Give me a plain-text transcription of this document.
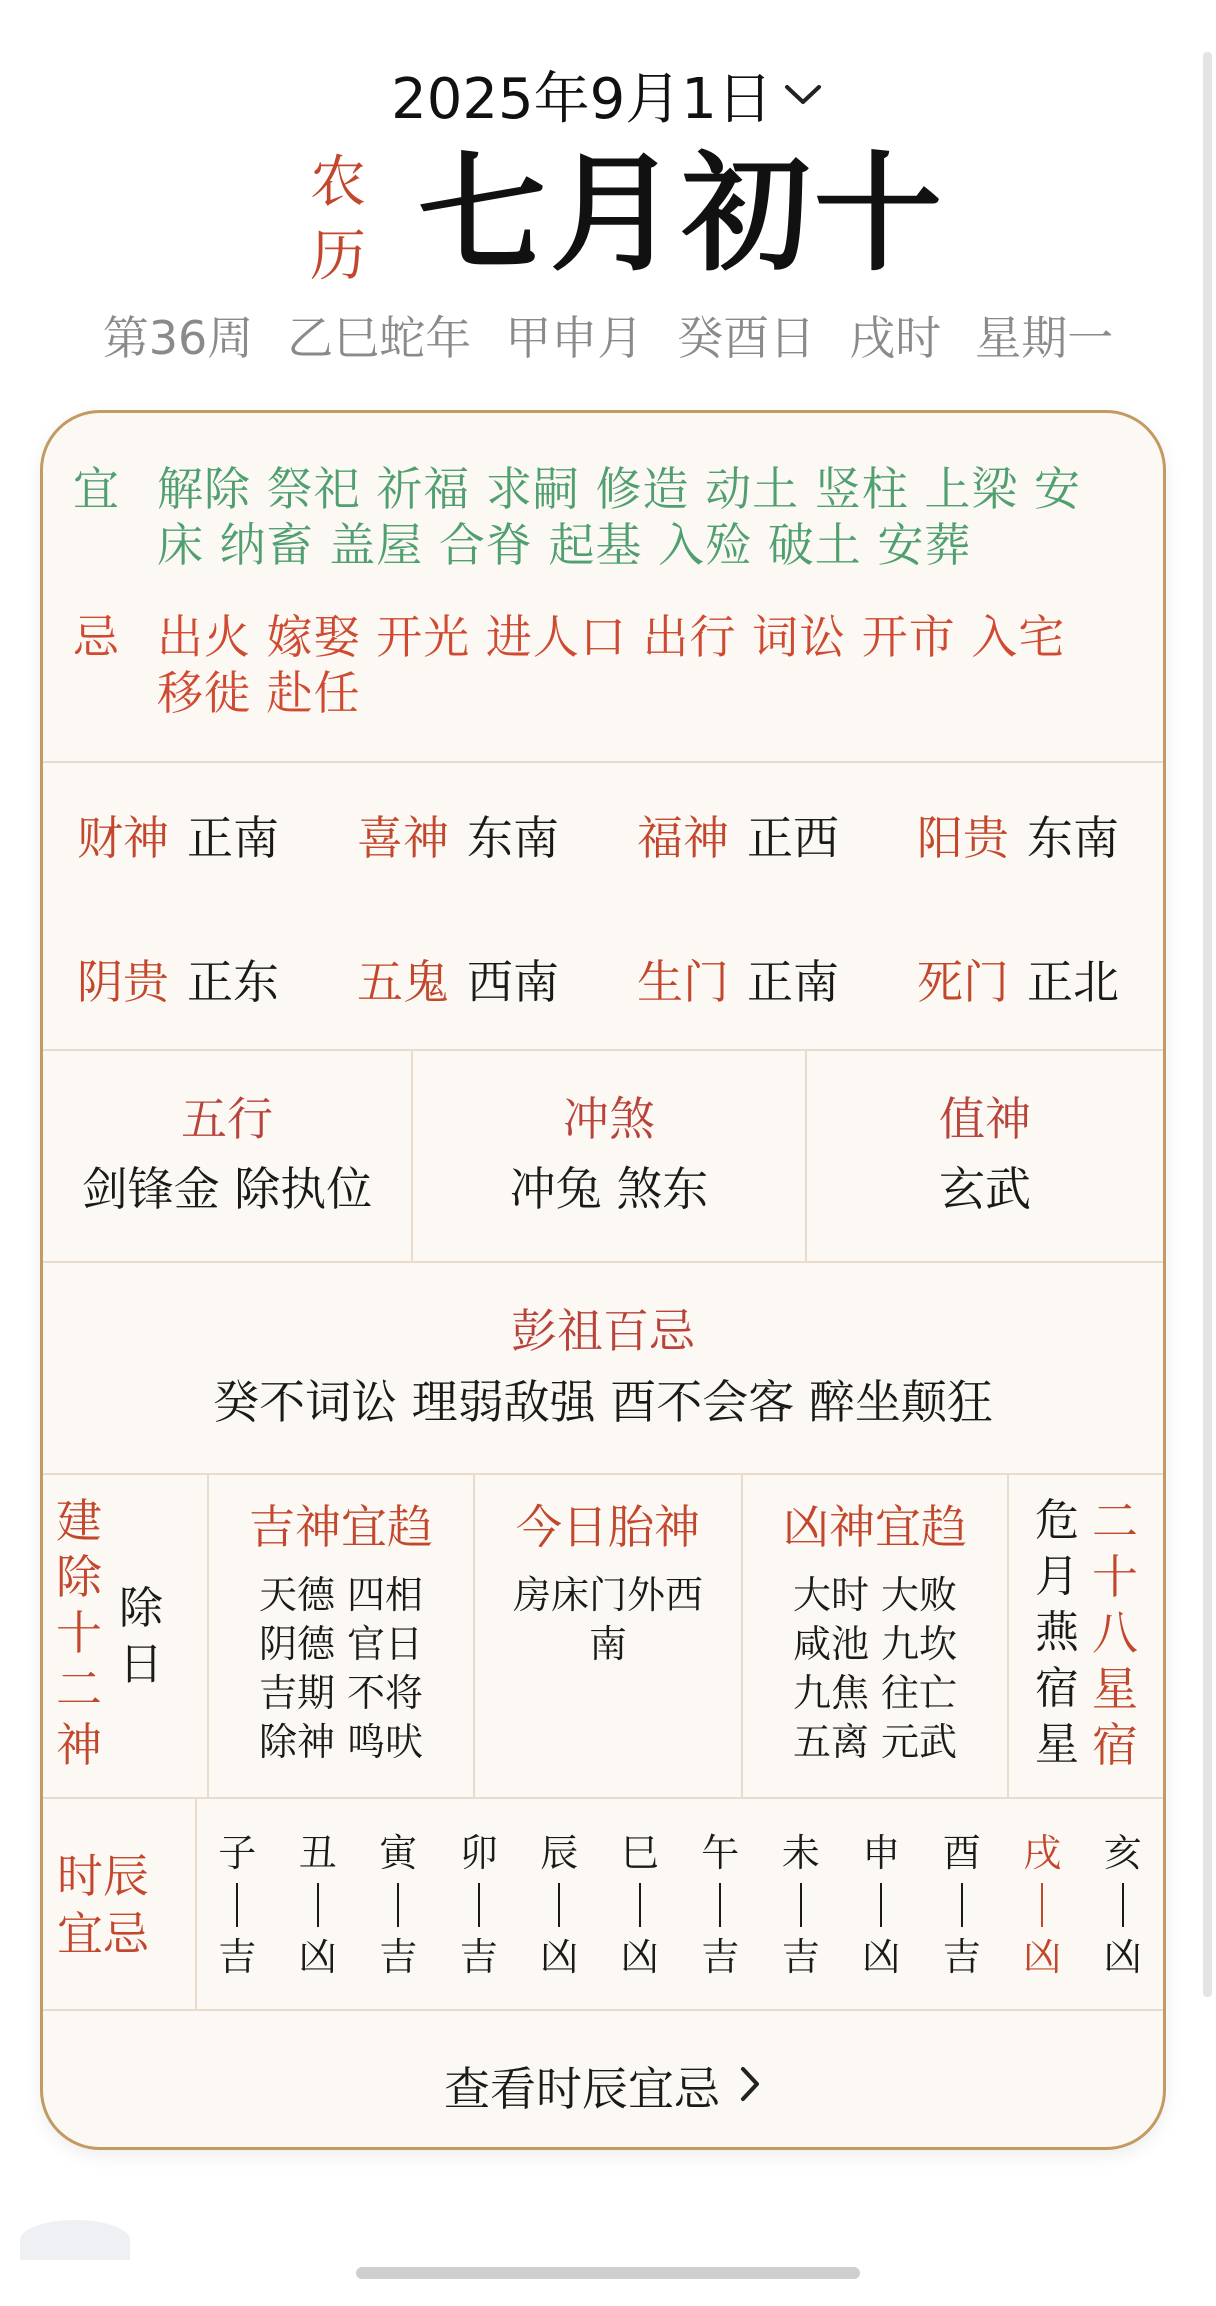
2025年9月1日
农
历 七月初十
第36周 乙巳蛇年 甲申月 癸酉日 戌时 星期一
宜 解除 祭祀 祈福 求嗣 修造 动土 竖柱 上梁 安床 纳畜 盖屋 合脊 起基 入殓 破土 安葬
忌 出火 嫁娶 开光 进人口 出行 词讼 开市 入宅 移徙 赴任
财神 正南 喜神 东南 福神 正西 阳贵 东南
阴贵 正东 五鬼 西南 生门 正南 死门 正北
五行
剑锋金 除执位
冲煞
冲兔 煞东
值神
玄武
彭祖百忌
癸不词讼 理弱敌强 酉不会客 醉坐颠狂
建
除
十
二
神
除
日
吉神宜趋
天德 四相
阴德 官日
吉期 不将
除神 鸣吠
今日胎神
房床门外西
南
凶神宜趋
大时 大败
咸池 九坎
九焦 往亡
五离 元武
危
月
燕
宿
星
二
十
八
星
宿
时辰
宜忌
子
吉
丑
凶
寅
吉
卯
吉
辰
凶
巳
凶
午
吉
未
吉
申
凶
酉
吉
戌
凶
亥
凶
查看时辰宜忌
